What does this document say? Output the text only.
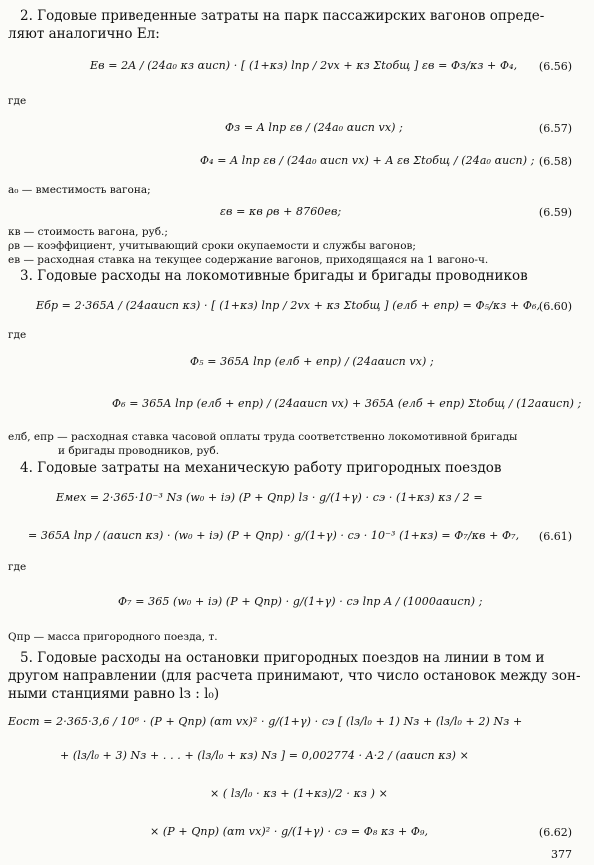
2. Годовые приведенные затраты на парк пассажирских вагонов опреде-
ляют аналогично Eл:
Eв = 2A / (24a₀ κз αисп) · [ (1+κз) lпр / 2vх + κз Σtобщ ] εв = Φз/κз + Φ₄, (6.56)
где
Φз = A lпр εв / (24a₀ αисп vх) ;	(6.57)
Φ₄ = A lпр εв / (24a₀ αисп vх) + A εв Σtобщ / (24a₀ αисп) ; (6.58)
a₀ — вместимость вагона;
εв = κв ρв + 8760eв;	(6.59)
κв — стоимость вагона, руб.;
ρв — коэффициент, учитывающий сроки окупаемости и службы вагонов;
eв — расходная ставка на текущее содержание вагонов, приходящаяся на 1 вагоно-ч.
3. Годовые расходы на локомотивные бригады и бригады проводников
Eбр = 2·365A / (24aαисп κз) · [ (1+κз) lпр / 2vх + κз Σtобщ ] (eлб + eпр) = Φ₅/κз + Φ₆,
(6.60)
где
Φ₅ = 365A lпр (eлб + eпр) / (24aαисп vх) ;
Φ₆ = 365A lпр (eлб + eпр) / (24aαисп vх) + 365A (eлб + eпр) Σtобщ / (12aαисп) ;
eлб, eпр — расходная ставка часовой оплаты труда соответственно локомотивной бригады
и бригады проводников, руб.
4. Годовые затраты на механическую работу пригородных поездов
Eмех = 2·365·10⁻³ Nз (w₀ + iэ) (P + Qпр) lз · g/(1+γ) · cэ · (1+κз) κз / 2 =
= 365A lпр / (aαисп κз) · (w₀ + iэ) (P + Qпр) · g/(1+γ) · cэ · 10⁻³ (1+κз) = Φ₇/κв + Φ₇, (6.61)
где
Φ₇ = 365 (w₀ + iэ) (P + Qпр) · g/(1+γ) · cэ lпр A / (1000aαисп) ;
Qпр — масса пригородного поезда, т.
5. Годовые расходы на остановки пригородных поездов на линии в том и
другом направлении (для расчета принимают, что число остановок между зон-
ными станциями равно lз : l₀)
Eост = 2·365·3,6 / 10⁶ · (P + Qпр) (αт vх)² · g/(1+γ) · cэ [ (lз/l₀ + 1) Nз + (lз/l₀ + 2) Nз +
+ (lз/l₀ + 3) Nз + . . . + (lз/l₀ + κз) Nз ] = 0,002774 · A·2 / (aαисп κз) ×
× ( lз/l₀ · κз + (1+κз)/2 · κз ) ×
× (P + Qпр) (αт vх)² · g/(1+γ) · cэ = Φ₈ κз + Φ₉,	(6.62)
377
